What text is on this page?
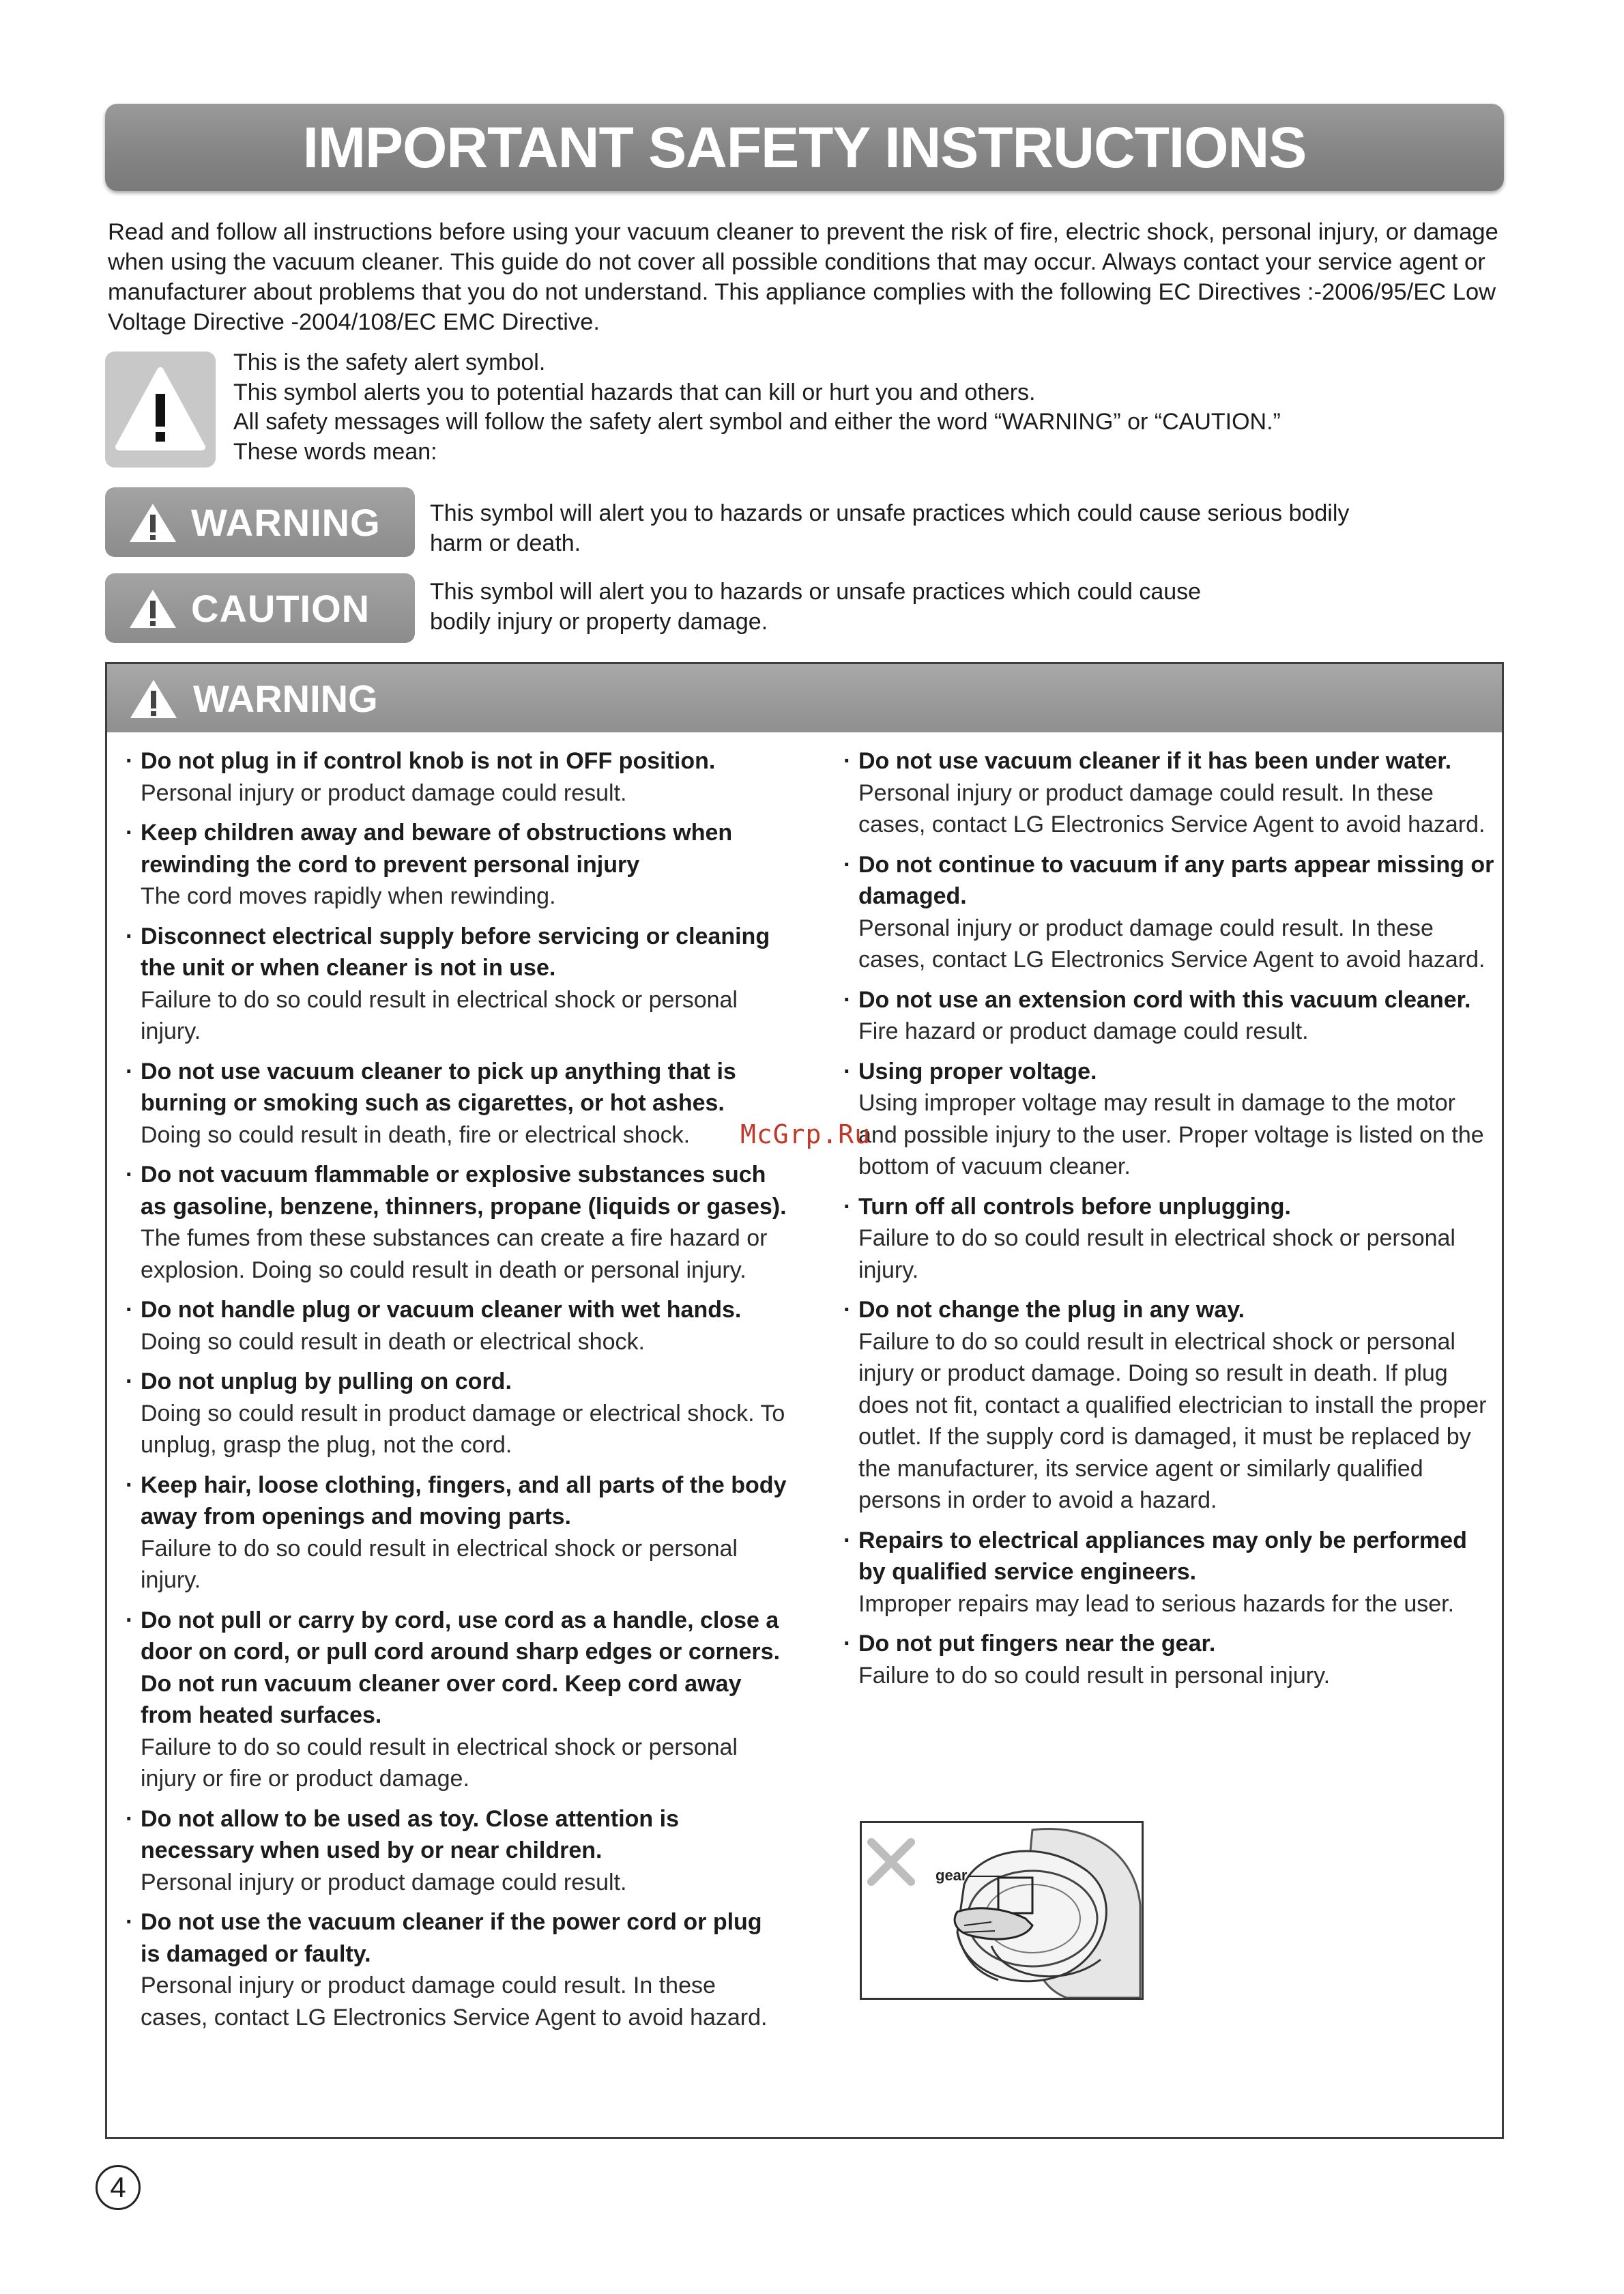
IMPORTANT SAFETY INSTRUCTIONS
Read and follow all instructions before using your vacuum cleaner to prevent the risk of fire, electric shock, personal injury, or damage when using the vacuum cleaner. This guide do not cover all possible conditions that may occur. Always contact your service agent or manufacturer about problems that you do not understand. This appliance complies with the following EC Directives :-2006/95/EC Low Voltage Directive -2004/108/EC EMC Directive.
This is the safety alert symbol.
This symbol alerts you to potential hazards that can kill or hurt you and others.
All safety messages will follow the safety alert symbol and either the word “WARNING” or “CAUTION.”
These words mean:
WARNING This symbol will alert you to hazards or unsafe practices which could cause serious bodily harm or death.
CAUTION	This symbol will alert you to hazards or unsafe practices which could cause bodily injury or property damage.
WARNING
· Do not plug in if control knob is not in OFF position.
Personal injury or product damage could result.
· Keep children away and beware of obstructions when rewinding the cord to prevent personal injury
The cord moves rapidly when rewinding.
· Disconnect electrical supply before servicing or cleaning the unit or when cleaner is not in use.
Failure to do so could result in electrical shock or personal injury.
· Do not use vacuum cleaner to pick up anything that is burning or smoking such as cigarettes, or hot ashes.
Doing so could result in death, fire or electrical shock.
· Do not vacuum flammable or explosive substances such as gasoline, benzene, thinners, propane (liquids or gases).
The fumes from these substances can create a fire hazard or explosion. Doing so could result in death or personal injury.
· Do not handle plug or vacuum cleaner with wet hands.
Doing so could result in death or electrical shock.
· Do not unplug by pulling on cord.
Doing so could result in product damage or electrical shock. To unplug, grasp the plug, not the cord.
· Keep hair, loose clothing, fingers, and all parts of the body away from openings and moving parts.
Failure to do so could result in electrical shock or personal injury.
· Do not pull or carry by cord, use cord as a handle, close a door on cord, or pull cord around sharp edges or corners. Do not run vacuum cleaner over cord. Keep cord away from heated surfaces.
Failure to do so could result in electrical shock or personal injury or fire or product damage.
· Do not allow to be used as toy. Close attention is necessary when used by or near children.
Personal injury or product damage could result.
· Do not use the vacuum cleaner if the power cord or plug is damaged or faulty.
Personal injury or product damage could result. In these cases, contact LG Electronics Service Agent to avoid hazard.
· Do not use vacuum cleaner if it has been under water.
Personal injury or product damage could result. In these cases, contact LG Electronics Service Agent to avoid hazard.
· Do not continue to vacuum if any parts appear missing or damaged.
Personal injury or product damage could result. In these cases, contact LG Electronics Service Agent to avoid hazard.
· Do not use an extension cord with this vacuum cleaner.
Fire hazard or product damage could result.
· Using proper voltage.
Using improper voltage may result in damage to the motor and possible injury to the user. Proper voltage is listed on the bottom of vacuum cleaner.
· Turn off all controls before unplugging.
Failure to do so could result in electrical shock or personal injury.
· Do not change the plug in any way.
Failure to do so could result in electrical shock or personal injury or product damage. Doing so result in death. If plug does not fit, contact a qualified electrician to install the proper outlet. If the supply cord is damaged, it must be replaced by the manufacturer, its service agent or similarly qualified persons in order to avoid a hazard.
· Repairs to electrical appliances may only be performed by qualified service engineers.
Improper repairs may lead to serious hazards for the user.
· Do not put fingers near the gear.
Failure to do so could result in personal injury.
gear
McGrp.Ru
4
